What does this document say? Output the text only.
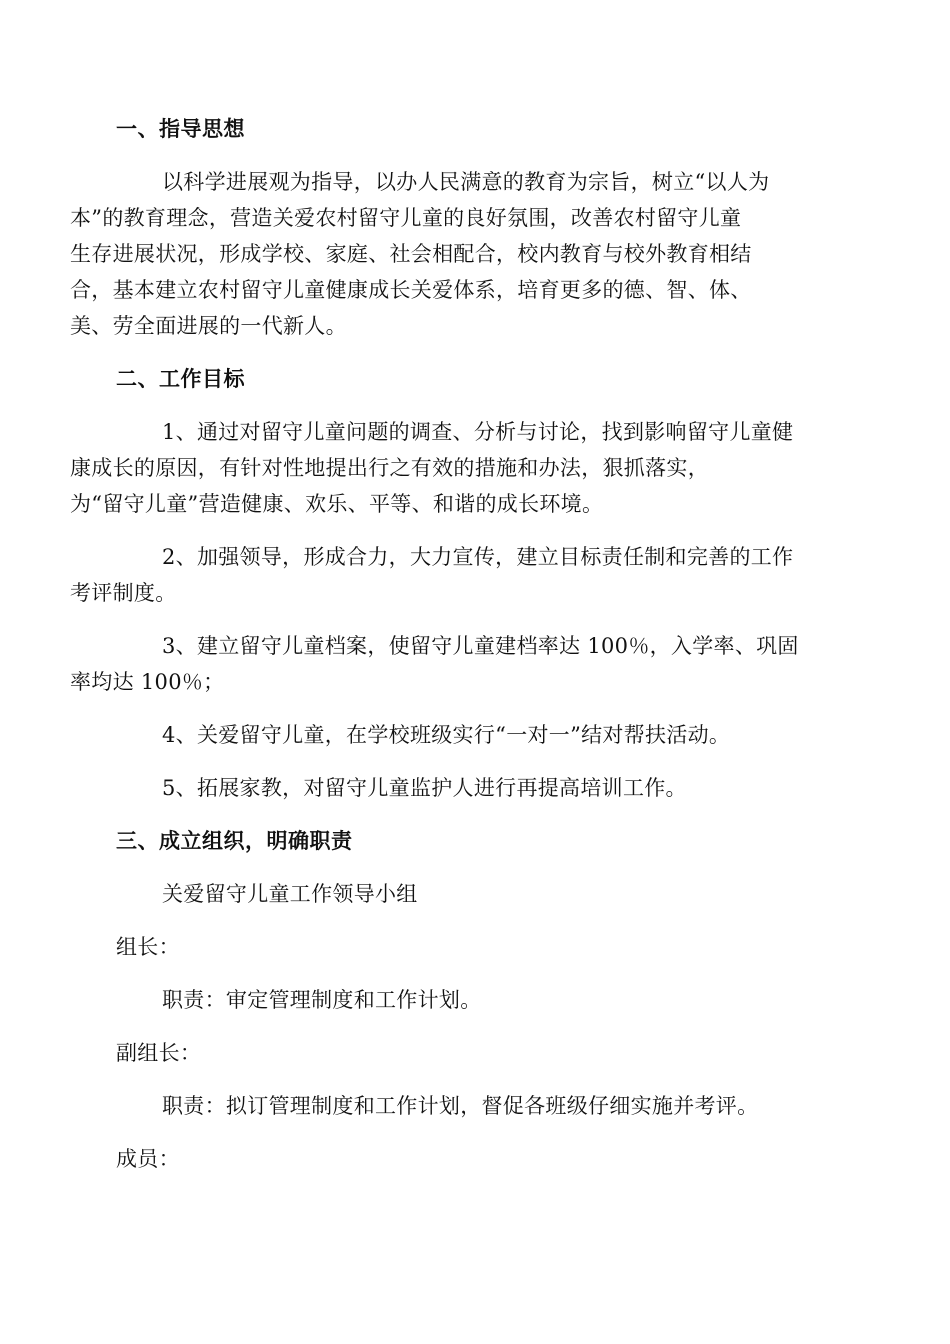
一、指导思想
以科学进展观为指导，以办人民满意的教育为宗旨，树立“以人为
本”的教育理念，营造关爱农村留守儿童的良好氛围，改善农村留守儿童
生存进展状况，形成学校、家庭、社会相配合，校内教育与校外教育相结
合，基本建立农村留守儿童健康成长关爱体系，培育更多的德、智、体、
美、劳全面进展的一代新人。
二、工作目标
1、通过对留守儿童问题的调查、分析与讨论，找到影响留守儿童健
康成长的原因，有针对性地提出行之有效的措施和办法，狠抓落实，
为“留守儿童”营造健康、欢乐、平等、和谐的成长环境。
2、加强领导，形成合力，大力宣传，建立目标责任制和完善的工作
考评制度。
3、建立留守儿童档案，使留守儿童建档率达 100％，入学率、巩固
率均达 100％；
4、关爱留守儿童，在学校班级实行“一对一”结对帮扶活动。
5、拓展家教，对留守儿童监护人进行再提高培训工作。
三、成立组织，明确职责
关爱留守儿童工作领导小组
组长：
职责：审定管理制度和工作计划。
副组长：
职责：拟订管理制度和工作计划，督促各班级仔细实施并考评。
成员：
